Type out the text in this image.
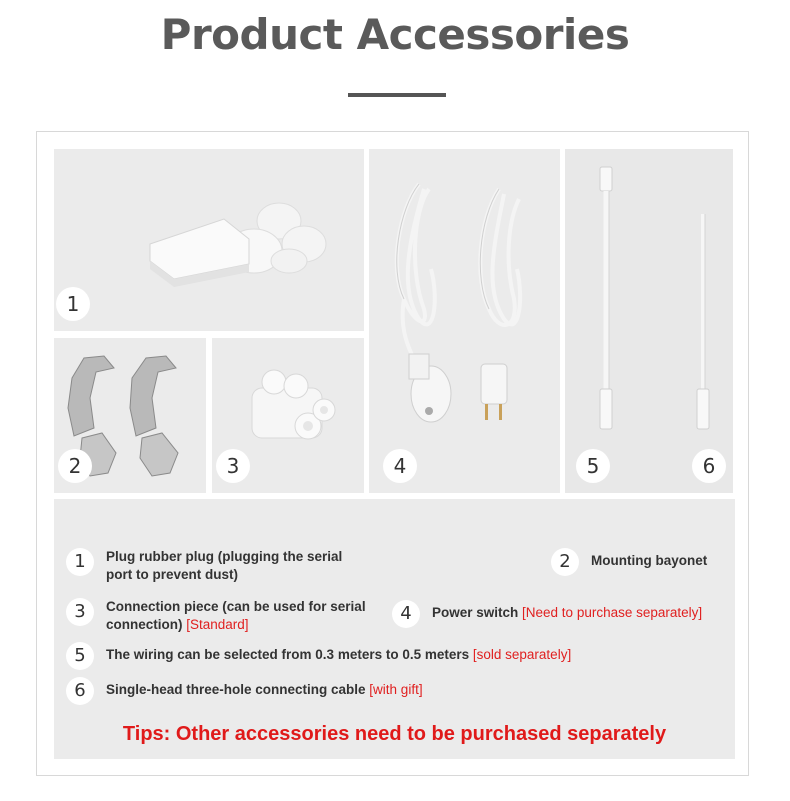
Product Accessories
1
2	3	4	5	6
1	Plug rubber plug (plugging the serial
port to prevent dust)
2	Mounting bayonet
3	Connection piece (can be used for serial
connection) [Standard]
4	Power switch [Need to purchase separately]
5	The wiring can be selected from 0.3 meters to 0.5 meters [sold separately]
6	Single-head three-hole connecting cable [with gift]
Tips: Other accessories need to be purchased separately
